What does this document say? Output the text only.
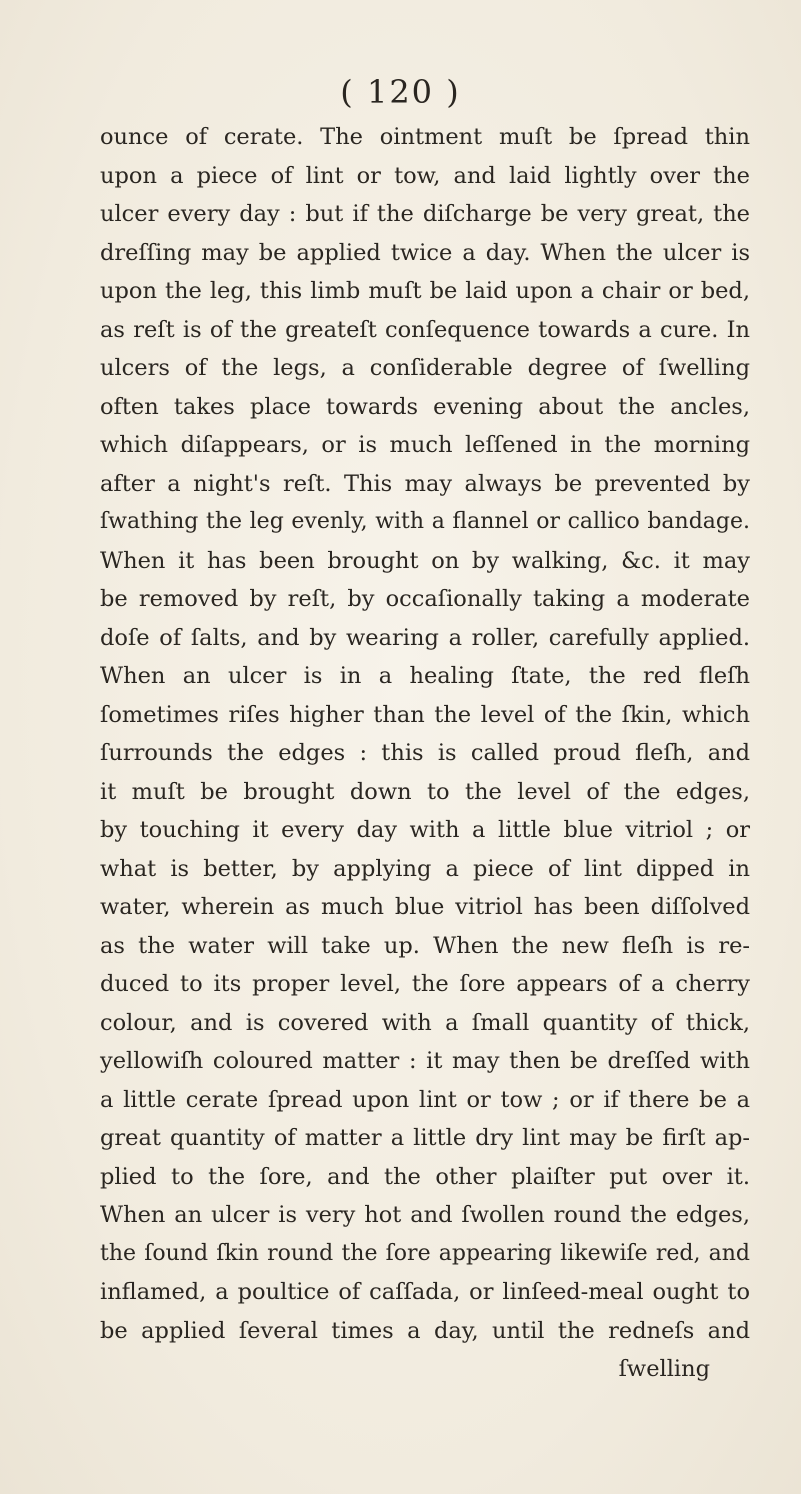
( 120 )
ounce of cerate. The ointment muſt be ſpread thin
upon a piece of lint or tow, and laid lightly over the
ulcer every day : but if the diſcharge be very great, the
dreſſing may be applied twice a day. When the ulcer is
upon the leg, this limb muſt be laid upon a chair or bed,
as reſt is of the greateſt conſequence towards a cure. In
ulcers of the legs, a conſiderable degree of ſwelling
often takes place towards evening about the ancles,
which diſappears, or is much leſſened in the morning
after a night's reſt. This may always be prevented by
ſwathing the leg evenly, with a flannel or callico bandage.
When it has been brought on by walking, &c. it may
be removed by reſt, by occaſionally taking a moderate
doſe of ſalts, and by wearing a roller, carefully applied.
When an ulcer is in a healing ſtate, the red fleſh
ſometimes riſes higher than the level of the ſkin, which
ſurrounds the edges : this is called proud fleſh, and
it muſt be brought down to the level of the edges,
by touching it every day with a little blue vitriol ; or
what is better, by applying a piece of lint dipped in
water, wherein as much blue vitriol has been diſſolved
as the water will take up. When the new fleſh is re-
duced to its proper level, the ſore appears of a cherry
colour, and is covered with a ſmall quantity of thick,
yellowiſh coloured matter : it may then be dreſſed with
a little cerate ſpread upon lint or tow ; or if there be a
great quantity of matter a little dry lint may be firſt ap-
plied to the ſore, and the other plaiſter put over it.
When an ulcer is very hot and ſwollen round the edges,
the ſound ſkin round the ſore appearing likewiſe red, and
inflamed, a poultice of caſſada, or linſeed-meal ought to
be applied ſeveral times a day, until the redneſs and
ſwelling
